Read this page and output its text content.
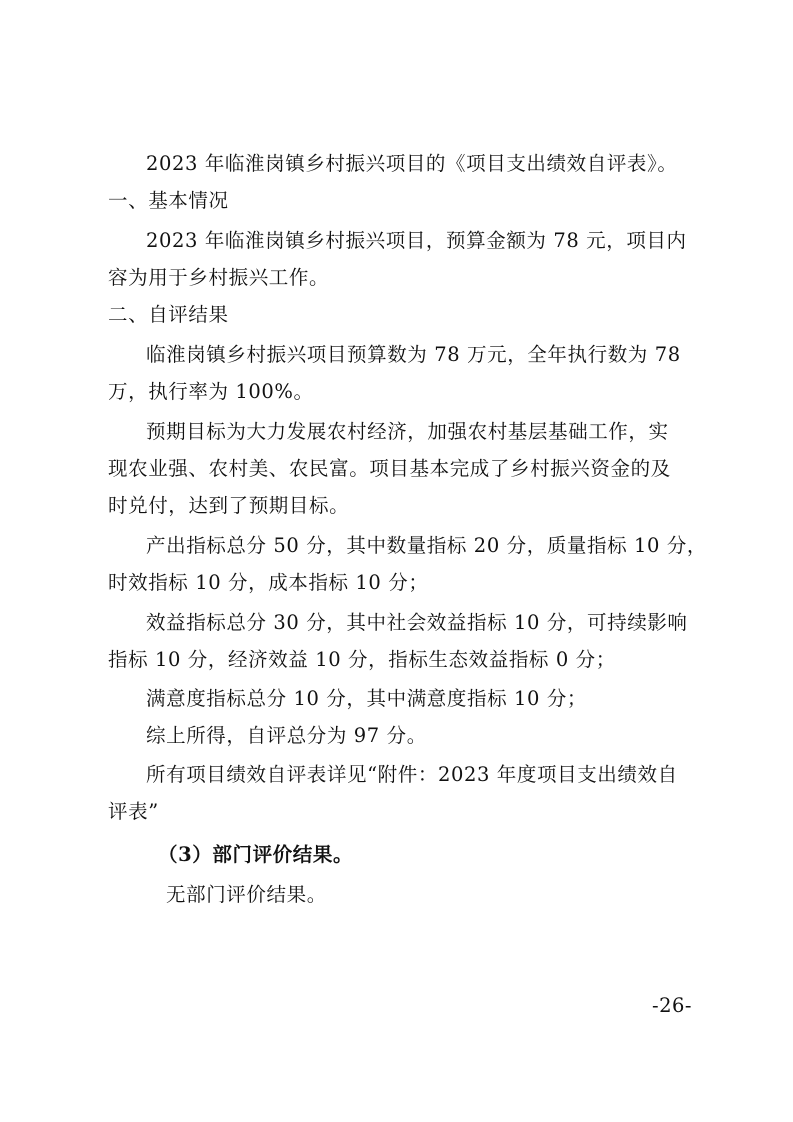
2023 年临淮岗镇乡村振兴项目的《项目支出绩效自评表》。
一、基本情况
2023 年临淮岗镇乡村振兴项目，预算金额为 78 元，项目内
容为用于乡村振兴工作。
二、自评结果
临淮岗镇乡村振兴项目预算数为 78 万元，全年执行数为 78
万，执行率为 100%。
预期目标为大力发展农村经济，加强农村基层基础工作，实
现农业强、农村美、农民富。项目基本完成了乡村振兴资金的及
时兑付，达到了预期目标。
产出指标总分 50 分，其中数量指标 20 分，质量指标 10 分，
时效指标 10 分，成本指标 10 分；
效益指标总分 30 分，其中社会效益指标 10 分，可持续影响
指标 10 分，经济效益 10 分，指标生态效益指标 0 分；
满意度指标总分 10 分，其中满意度指标 10 分；
综上所得，自评总分为 97 分。
所有项目绩效自评表详见“附件：2023 年度项目支出绩效自
评表”
（3）部门评价结果。
无部门评价结果。
-26-
